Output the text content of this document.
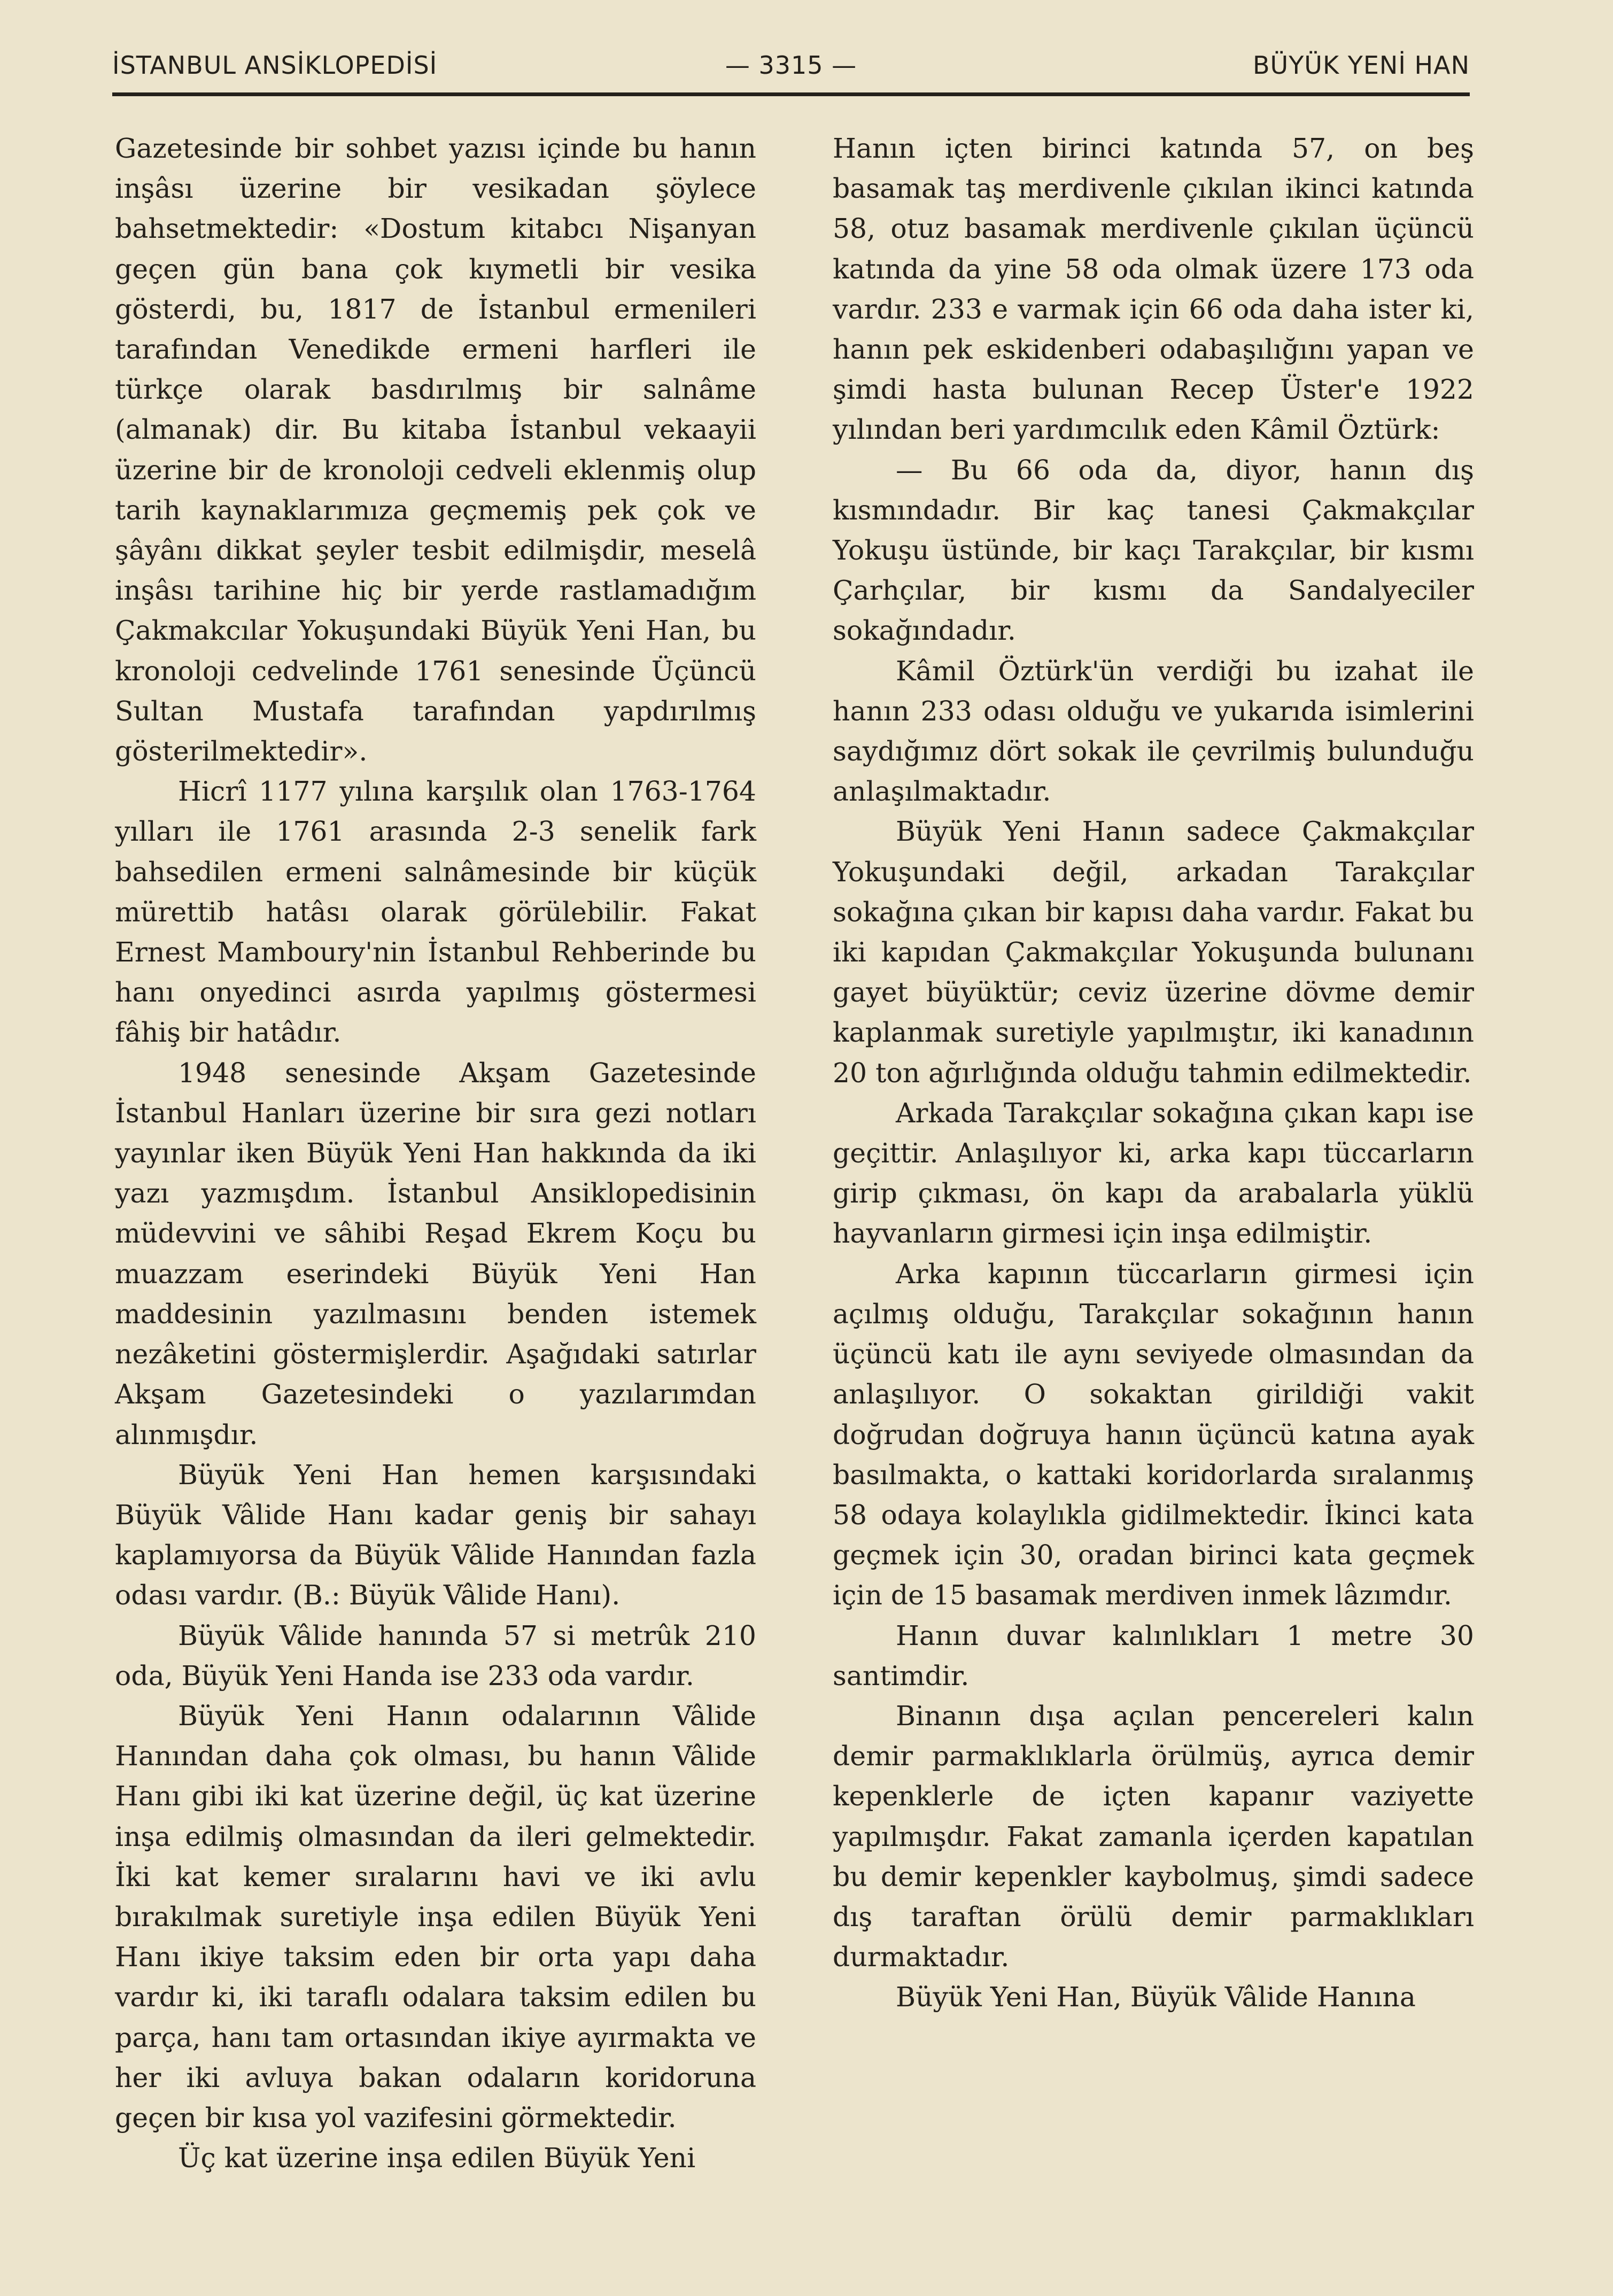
İSTANBUL ANSİKLOPEDİSİ	— 3315 —	BÜYÜK YENİ HAN

Gazetesinde bir sohbet yazısı içinde bu hanın inşâsı üzerine bir vesikadan şöylece bahsetmektedir: «Dostum kitabcı Nişanyan geçen gün bana çok kıymetli bir vesika gösterdi, bu, 1817 de İstanbul ermenileri tarafından Venedikde ermeni harfleri ile türkçe olarak basdırılmış bir salnâme (almanak) dir. Bu kitaba İstanbul vekaayii üzerine bir de kronoloji cedveli eklenmiş olup tarih kaynaklarımıza geçmemiş pek çok ve şâyânı dikkat şeyler tesbit edilmişdir, meselâ inşâsı tarihine hiç bir yerde rastlamadığım Çakmakcılar Yokuşundaki Büyük Yeni Han, bu kronoloji cedvelinde 1761 senesinde Üçüncü Sultan Mustafa tarafından yapdırılmış gösterilmektedir».

Hicrî 1177 yılına karşılık olan 1763-1764 yılları ile 1761 arasında 2-3 senelik fark bahsedilen ermeni salnâmesinde bir küçük mürettib hatâsı olarak görülebilir. Fakat Ernest Mamboury'nin İstanbul Rehberinde bu hanı onyedinci asırda yapılmış göstermesi fâhiş bir hatâdır.

1948 senesinde Akşam Gazetesinde İstanbul Hanları üzerine bir sıra gezi notları yayınlar iken Büyük Yeni Han hakkında da iki yazı yazmışdım. İstanbul Ansiklopedisinin müdevvini ve sâhibi Reşad Ekrem Koçu bu muazzam eserindeki Büyük Yeni Han maddesinin yazılmasını benden istemek nezâketini göstermişlerdir. Aşağıdaki satırlar Akşam Gazetesindeki o yazılarımdan alınmışdır.

Büyük Yeni Han hemen karşısındaki Büyük Vâlide Hanı kadar geniş bir sahayı kaplamıyorsa da Büyük Vâlide Hanından fazla odası vardır. (B.: Büyük Vâlide Hanı).

Büyük Vâlide hanında 57 si metrûk 210 oda, Büyük Yeni Handa ise 233 oda vardır.

Büyük Yeni Hanın odalarının Vâlide Hanından daha çok olması, bu hanın Vâlide Hanı gibi iki kat üzerine değil, üç kat üzerine inşa edilmiş olmasından da ileri gelmektedir. İki kat kemer sıralarını havi ve iki avlu bırakılmak suretiyle inşa edilen Büyük Yeni Hanı ikiye taksim eden bir orta yapı daha vardır ki, iki taraflı odalara taksim edilen bu parça, hanı tam ortasından ikiye ayırmakta ve her iki avluya bakan odaların koridoruna geçen bir kısa yol vazifesini görmektedir.

Üç kat üzerine inşa edilen Büyük Yeni

Hanın içten birinci katında 57, on beş basamak taş merdivenle çıkılan ikinci katında 58, otuz basamak merdivenle çıkılan üçüncü katında da yine 58 oda olmak üzere 173 oda vardır. 233 e varmak için 66 oda daha ister ki, hanın pek eskidenberi odabaşılığını yapan ve şimdi hasta bulunan Recep Üster'e 1922 yılından beri yardımcılık eden Kâmil Öztürk:

— Bu 66 oda da, diyor, hanın dış kısmındadır. Bir kaç tanesi Çakmakçılar Yokuşu üstünde, bir kaçı Tarakçılar, bir kısmı Çarhçılar, bir kısmı da Sandalyeciler sokağındadır.

Kâmil Öztürk'ün verdiği bu izahat ile hanın 233 odası olduğu ve yukarıda isimlerini saydığımız dört sokak ile çevrilmiş bulunduğu anlaşılmaktadır.

Büyük Yeni Hanın sadece Çakmakçılar Yokuşundaki değil, arkadan Tarakçılar sokağına çıkan bir kapısı daha vardır. Fakat bu iki kapıdan Çakmakçılar Yokuşunda bulunanı gayet büyüktür; ceviz üzerine dövme demir kaplanmak suretiyle yapılmıştır, iki kanadının 20 ton ağırlığında olduğu tahmin edilmektedir.

Arkada Tarakçılar sokağına çıkan kapı ise geçittir. Anlaşılıyor ki, arka kapı tüccarların girip çıkması, ön kapı da arabalarla yüklü hayvanların girmesi için inşa edilmiştir.

Arka kapının tüccarların girmesi için açılmış olduğu, Tarakçılar sokağının hanın üçüncü katı ile aynı seviyede olmasından da anlaşılıyor. O sokaktan girildiği vakit doğrudan doğruya hanın üçüncü katına ayak basılmakta, o kattaki koridorlarda sıralanmış 58 odaya kolaylıkla gidilmektedir. İkinci kata geçmek için 30, oradan birinci kata geçmek için de 15 basamak merdiven inmek lâzımdır.

Hanın duvar kalınlıkları 1 metre 30 santimdir.

Binanın dışa açılan pencereleri kalın demir parmaklıklarla örülmüş, ayrıca demir kepenklerle de içten kapanır vaziyette yapılmışdır. Fakat zamanla içerden kapatılan bu demir kepenkler kaybolmuş, şimdi sadece dış taraftan örülü demir parmaklıkları durmaktadır.

Büyük Yeni Han, Büyük Vâlide Hanına
